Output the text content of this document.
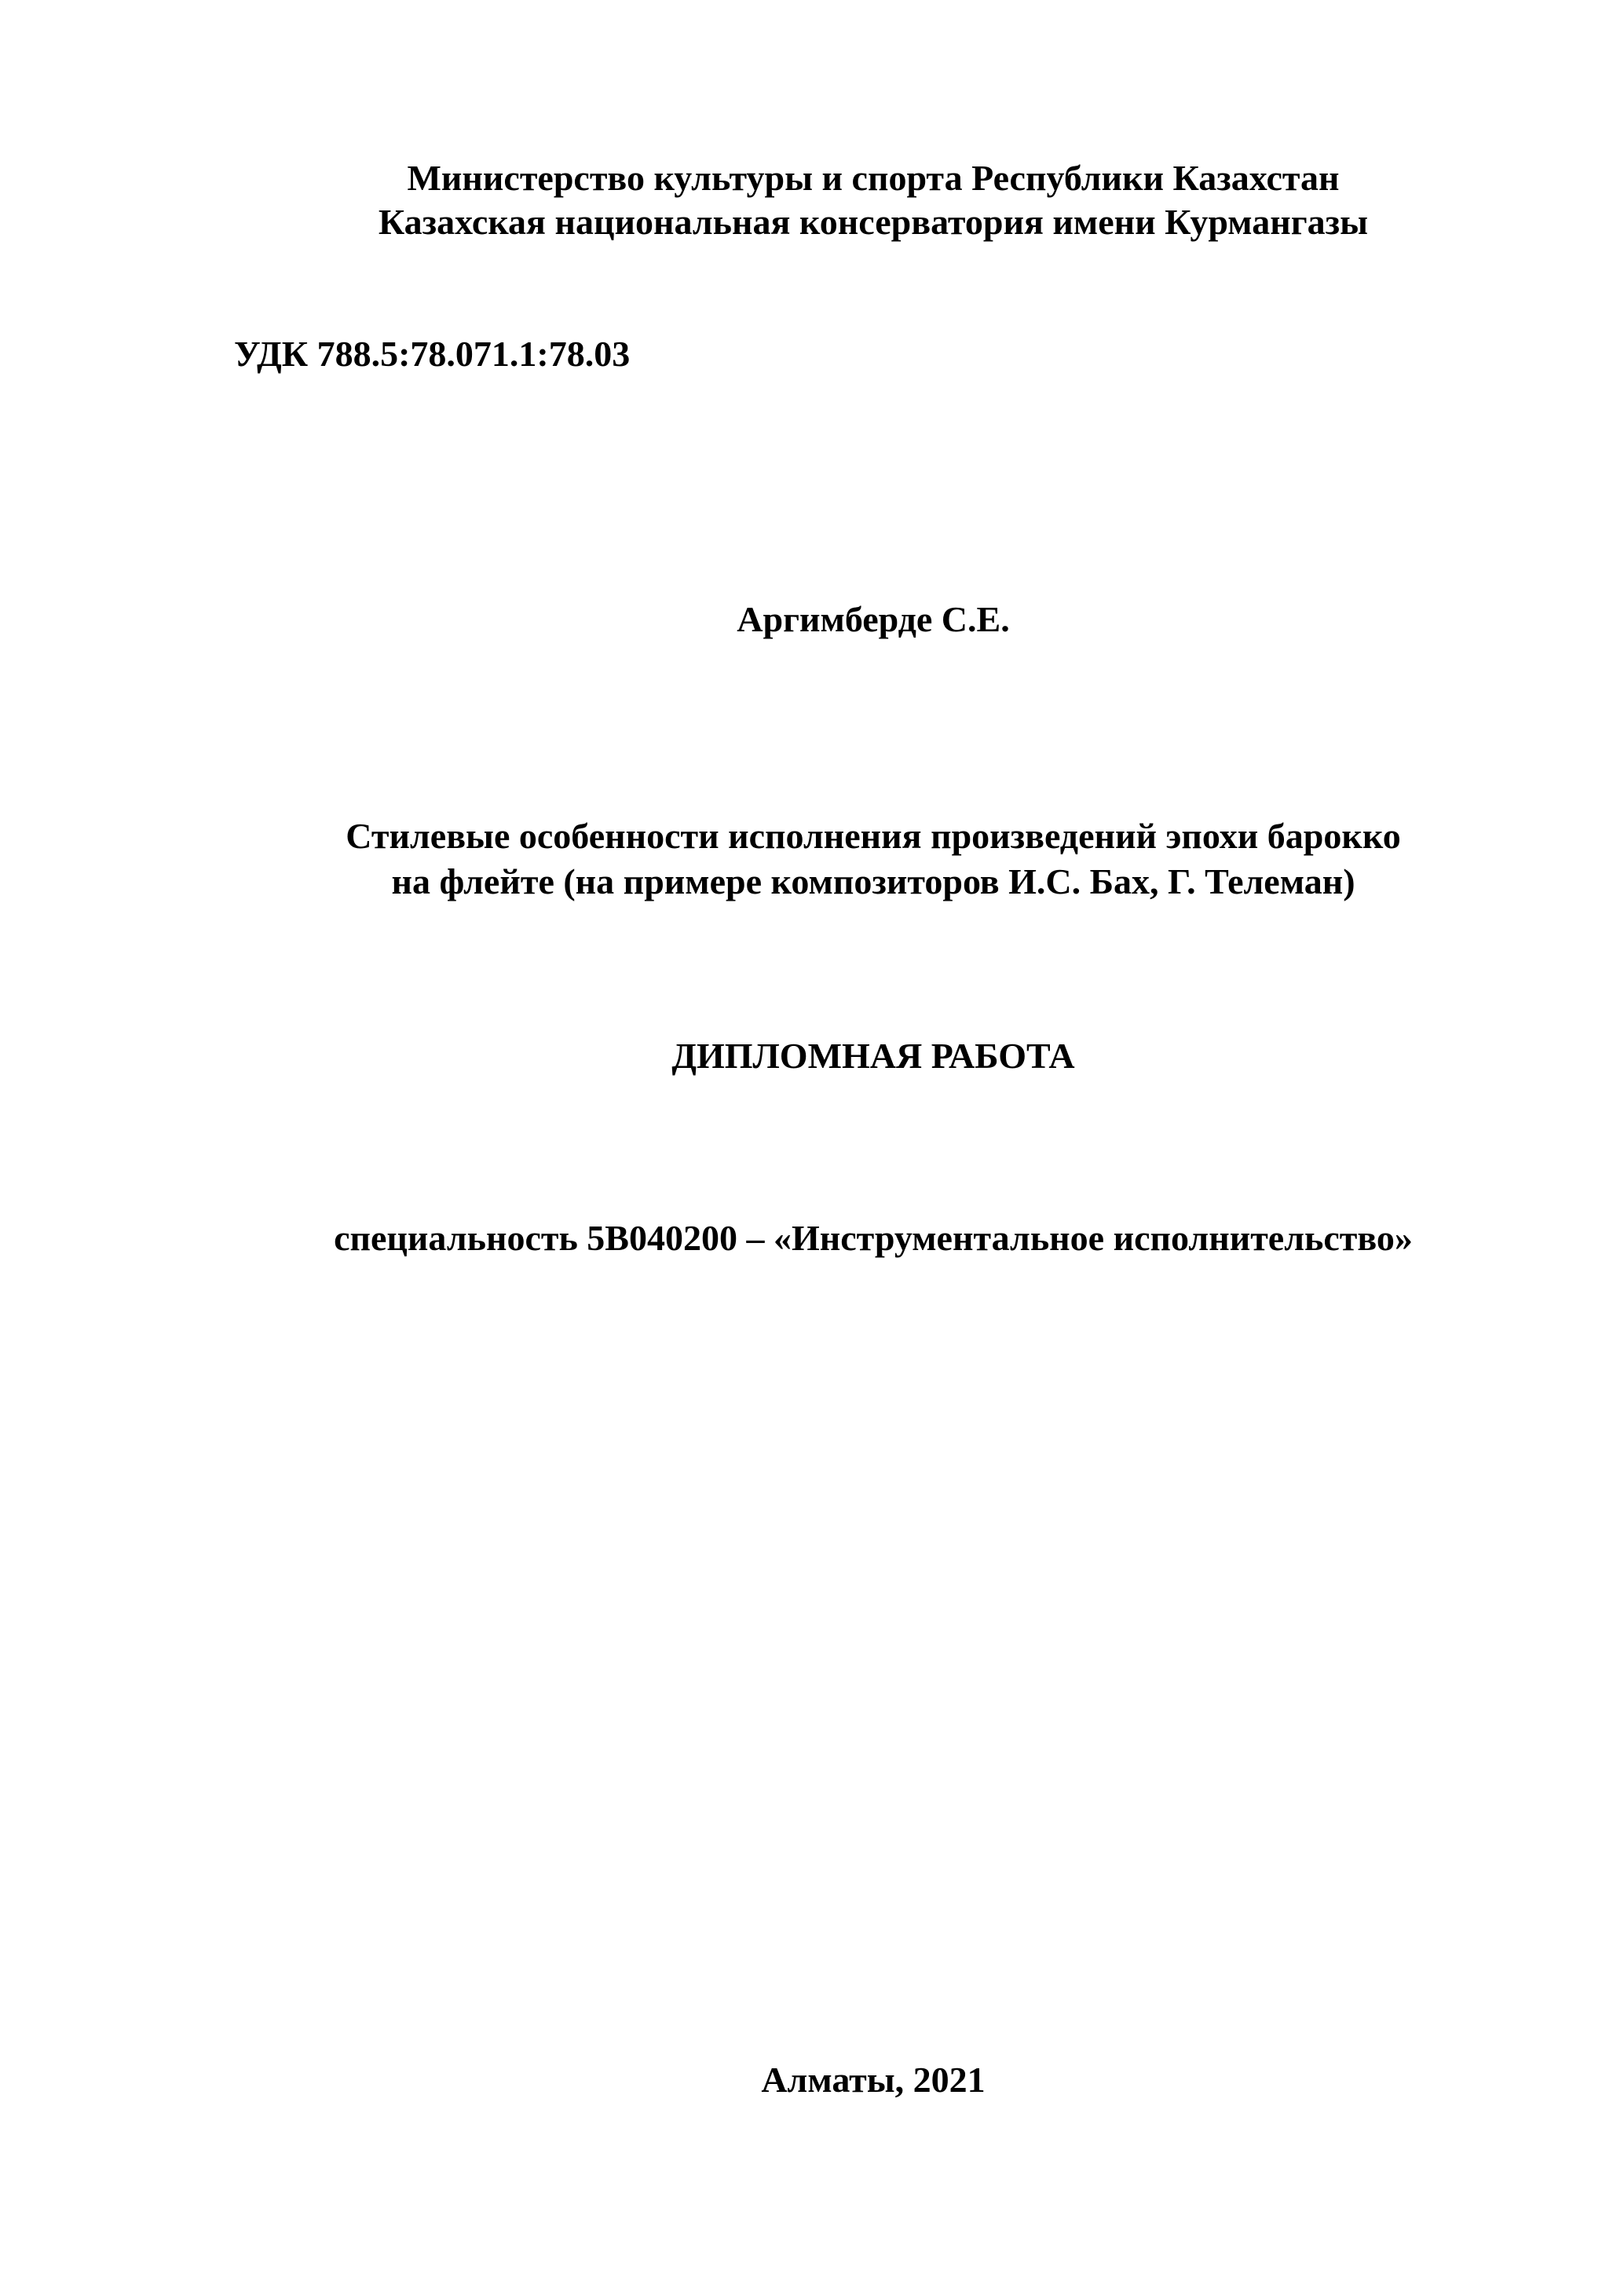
Министерство культуры и спорта Республики Казахстан
Казахская национальная консерватория имени Курмангазы
УДК 788.5:78.071.1:78.03
Аргимберде С.Е.
Стилевые особенности исполнения произведений эпохи барокко
на флейте (на примере композиторов И.С. Бах, Г. Телеман)
ДИПЛОМНАЯ РАБОТА
специальность 5В040200 – «Инструментальное исполнительство»
Алматы, 2021
